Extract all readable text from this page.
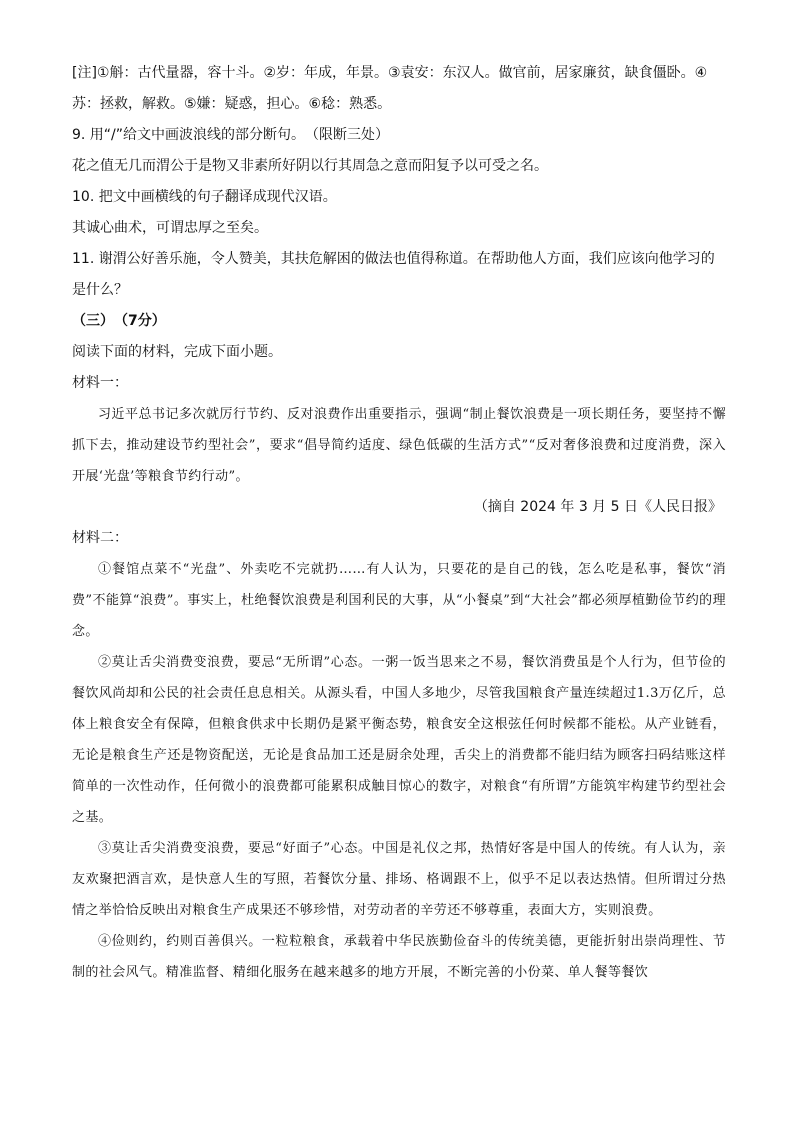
[注]①斛：古代量器，容十斗。②岁：年成，年景。③袁安：东汉人。做官前，居家廉贫，缺食僵卧。④

苏：拯救，解救。⑤嫌：疑惑，担心。⑥稔：熟悉。

9. 用“/”给文中画波浪线的部分断句。　（限断三处）

花之值无几而渭公于是物又非素所好阴以行其周急之意而阳复予以可受之名。

10. 把文中画横线的句子翻译成现代汉语。

其诚心曲术，可谓忠厚之至矣。

11. 谢渭公好善乐施，令人赞美，其扶危解困的做法也值得称道。在帮助他人方面，我们应该向他学习的

是什么？

（三）　（7分）

阅读下面的材料，完成下面小题。

材料一：

习近平总书记多次就厉行节约、反对浪费作出重要指示，强调“制止餐饮浪费是一项长期任务，要坚持不懈抓下去，推动建设节约型社会”，要求“倡导简约适度、绿色低碳的生活方式”“反对奢侈浪费和过度消费，深入开展‘光盘’等粮食节约行动”。

（摘自 2024 年 3 月 5 日《人民日报》

材料二：

①餐馆点菜不“光盘”、外卖吃不完就扔……有人认为，只要花的是自己的钱，怎么吃是私事，餐饮“消费”不能算“浪费”。事实上，杜绝餐饮浪费是利国利民的大事，从“小餐桌”到“大社会”都必须厚植勤俭节约的理念。

②莫让舌尖消费变浪费，要忌“无所谓”心态。一粥一饭当思来之不易，餐饮消费虽是个人行为，但节俭的餐饮风尚却和公民的社会责任息息相关。从源头看，中国人多地少，尽管我国粮食产量连续超过1.3万亿斤，总体上粮食安全有保障，但粮食供求中长期仍是紧平衡态势，粮食安全这根弦任何时候都不能松。从产业链看，无论是粮食生产还是物资配送，无论是食品加工还是厨余处理，舌尖上的消费都不能归结为顾客扫码结账这样简单的一次性动作，任何微小的浪费都可能累积成触目惊心的数字，对粮食“有所谓”方能筑牢构建节约型社会之基。

③莫让舌尖消费变浪费，要忌“好面子”心态。中国是礼仪之邦，热情好客是中国人的传统。有人认为，亲友欢聚把酒言欢，是快意人生的写照，若餐饮分量、排场、格调跟不上，似乎不足以表达热情。但所谓过分热情之举恰恰反映出对粮食生产成果还不够珍惜，对劳动者的辛劳还不够尊重，表面大方，实则浪费。

④俭则约，约则百善俱兴。一粒粒粮食，承载着中华民族勤俭奋斗的传统美德，更能折射出崇尚理性、节制的社会风气。精准监督、精细化服务在越来越多的地方开展，不断完善的小份菜、单人餐等餐饮
